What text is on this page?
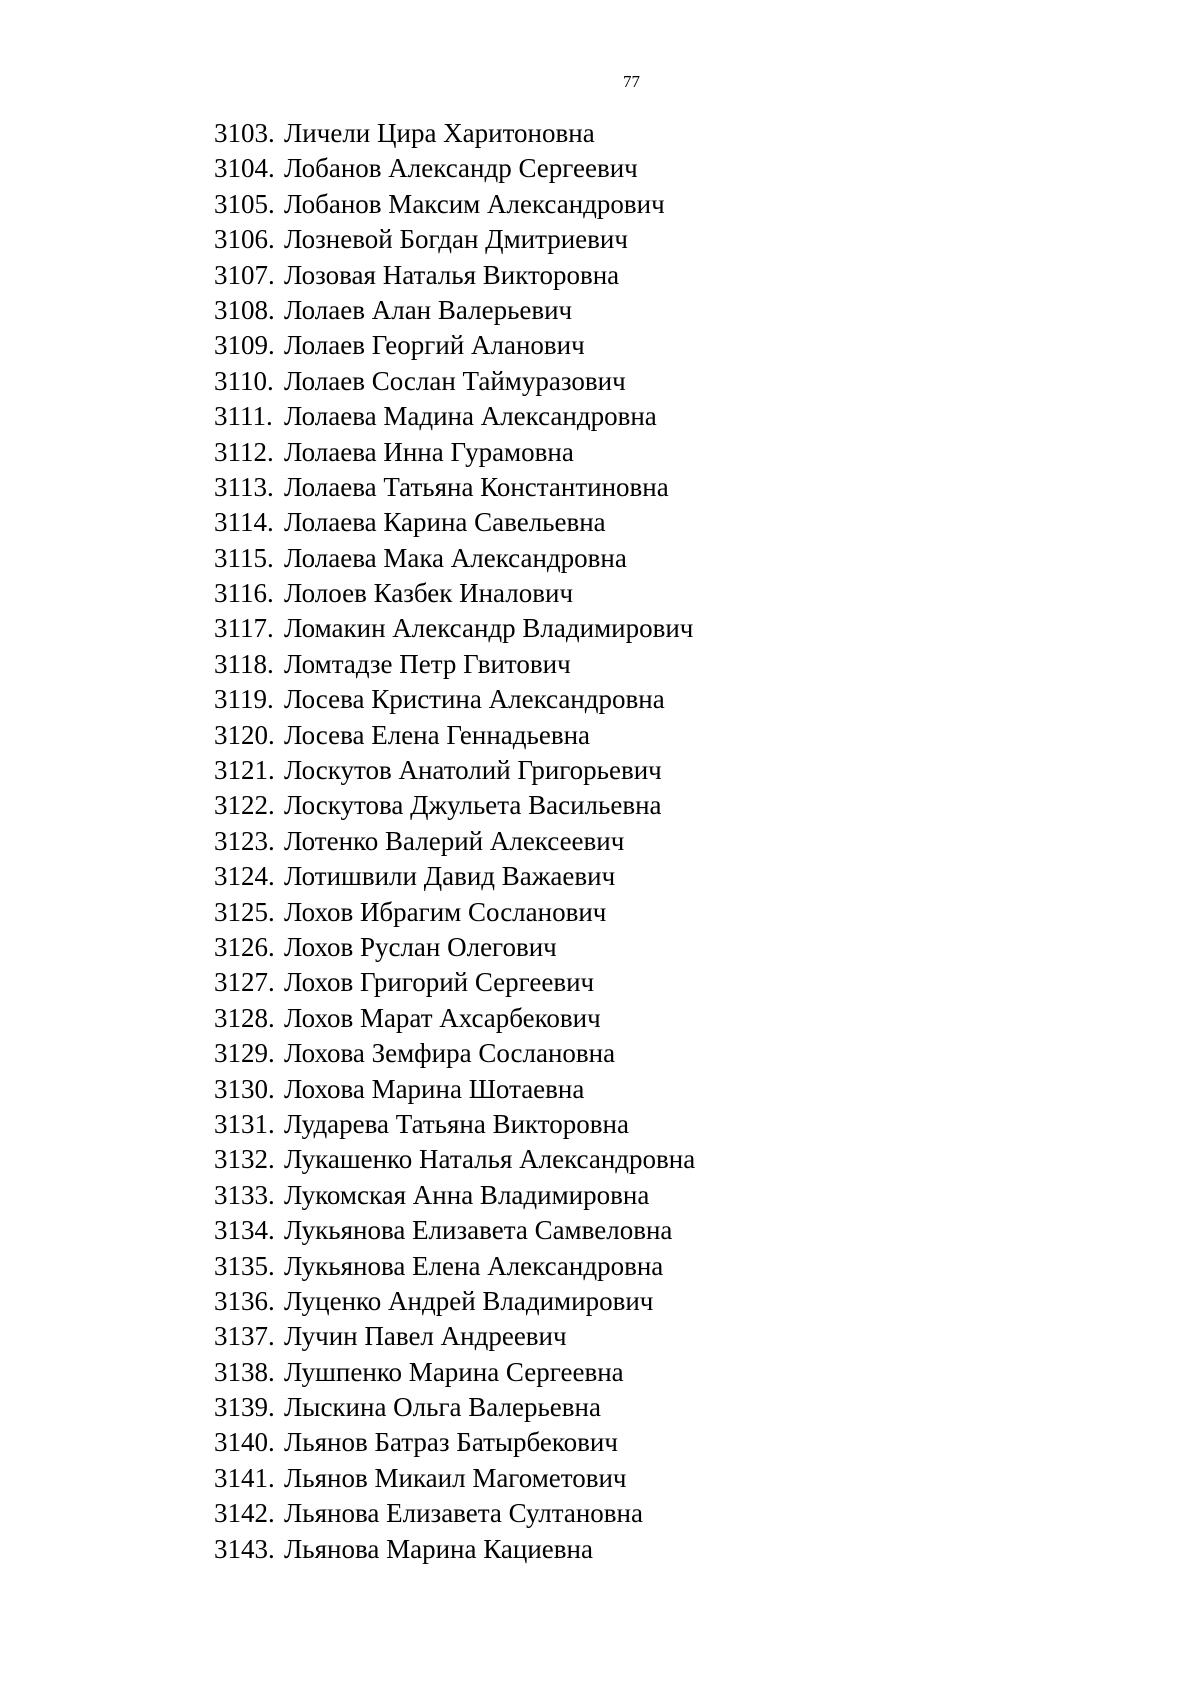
77
3103. Личели Цира Харитоновна
3104. Лобанов Александр Сергеевич
3105. Лобанов Максим Александрович
3106. Лозневой Богдан Дмитриевич
3107. Лозовая Наталья Викторовна
3108. Лолаев Алан Валерьевич
3109. Лолаев Георгий Аланович
3110. Лолаев Сослан Таймуразович
3111. Лолаева Мадина Александровна
3112. Лолаева Инна Гурамовна
3113. Лолаева Татьяна Константиновна
3114. Лолаева Карина Савельевна
3115. Лолаева Мака Александровна
3116. Лолоев Казбек Иналович
3117. Ломакин Александр Владимирович
3118. Ломтадзе Петр Гвитович
3119. Лосева Кристина Александровна
3120. Лосева Елена Геннадьевна
3121. Лоскутов Анатолий Григорьевич
3122. Лоскутова Джульета Васильевна
3123. Лотенко Валерий Алексеевич
3124. Лотишвили Давид Важаевич
3125. Лохов Ибрагим Сосланович
3126. Лохов Руслан Олегович
3127. Лохов Григорий Сергеевич
3128. Лохов Марат Ахсарбекович
3129. Лохова Земфира Сослановна
3130. Лохова Марина Шотаевна
3131. Лударева Татьяна Викторовна
3132. Лукашенко Наталья Александровна
3133. Лукомская Анна Владимировна
3134. Лукьянова Елизавета Самвеловна
3135. Лукьянова Елена Александровна
3136. Луценко Андрей Владимирович
3137. Лучин Павел Андреевич
3138. Лушпенко Марина Сергеевна
3139. Лыскина Ольга Валерьевна
3140. Льянов Батраз Батырбекович
3141. Льянов Микаил Магометович
3142. Льянова Елизавета Султановна
3143. Льянова Марина Кациевна
